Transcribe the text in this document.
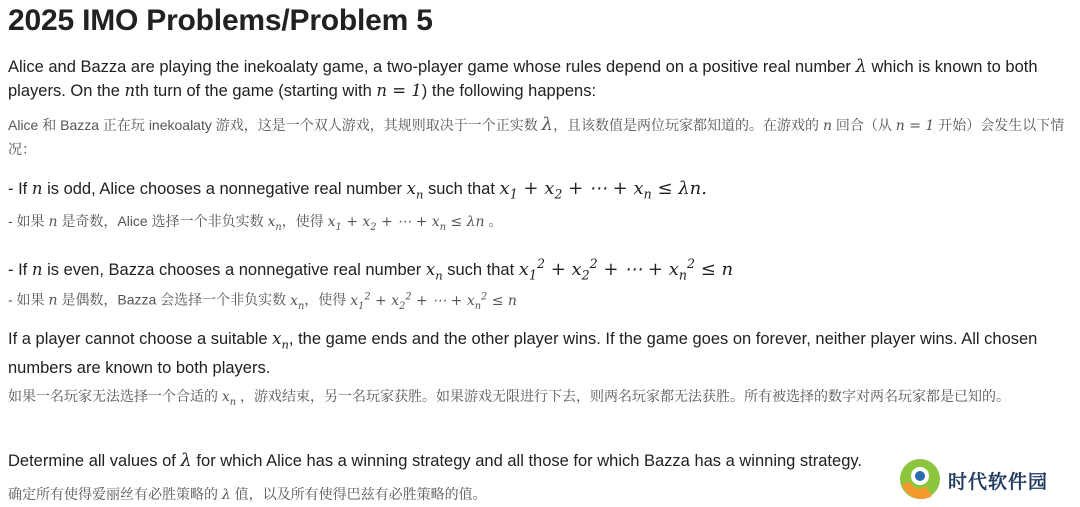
2025 IMO Problems/Problem 5

Alice and Bazza are playing the inekoalaty game, a two-player game whose rules depend on a positive real number λ which is known to both players. On the nth turn of the game (starting with n = 1) the following happens:

Alice 和 Bazza 正在玩 inekoalaty 游戏，这是一个双人游戏，其规则取决于一个正实数 λ，且该数值是两位玩家都知道的。在游戏的 n 回合（从 n = 1 开始）会发生以下情况：

- If n is odd, Alice chooses a nonnegative real number $x_n$ such that $x_1 + x_2$ + ⋯ + $x_n \le \lambda n$.

- 如果 n 是奇数，Alice 选择一个非负实数 $x_n$，使得 $x_1 + x_2$ + ⋯ + $x_n \le \lambda n$ 。

- If n is even, Bazza chooses a nonnegative real number $x_n$ such that $x_1^2 + x_2^2$ + ⋯ + $x_n^2 \le n$

- 如果 n 是偶数，Bazza 会选择一个非负实数 $x_n$，使得 $x_1^2 + x_2^2$ + ⋯ + $x_n^2 \le n$

If a player cannot choose a suitable $x_n$, the game ends and the other player wins. If the game goes on forever, neither player wins. All chosen numbers are known to both players.

如果一名玩家无法选择一个合适的 $x_n$ ，游戏结束，另一名玩家获胜。如果游戏无限进行下去，则两名玩家都无法获胜。所有被选择的数字对两名玩家都是已知的。

Determine all values of λ for which Alice has a winning strategy and all those for which Bazza has a winning strategy.

确定所有使得爱丽丝有必胜策略的 λ 值，以及所有使得巴兹有必胜策略的值。

时代软件园
